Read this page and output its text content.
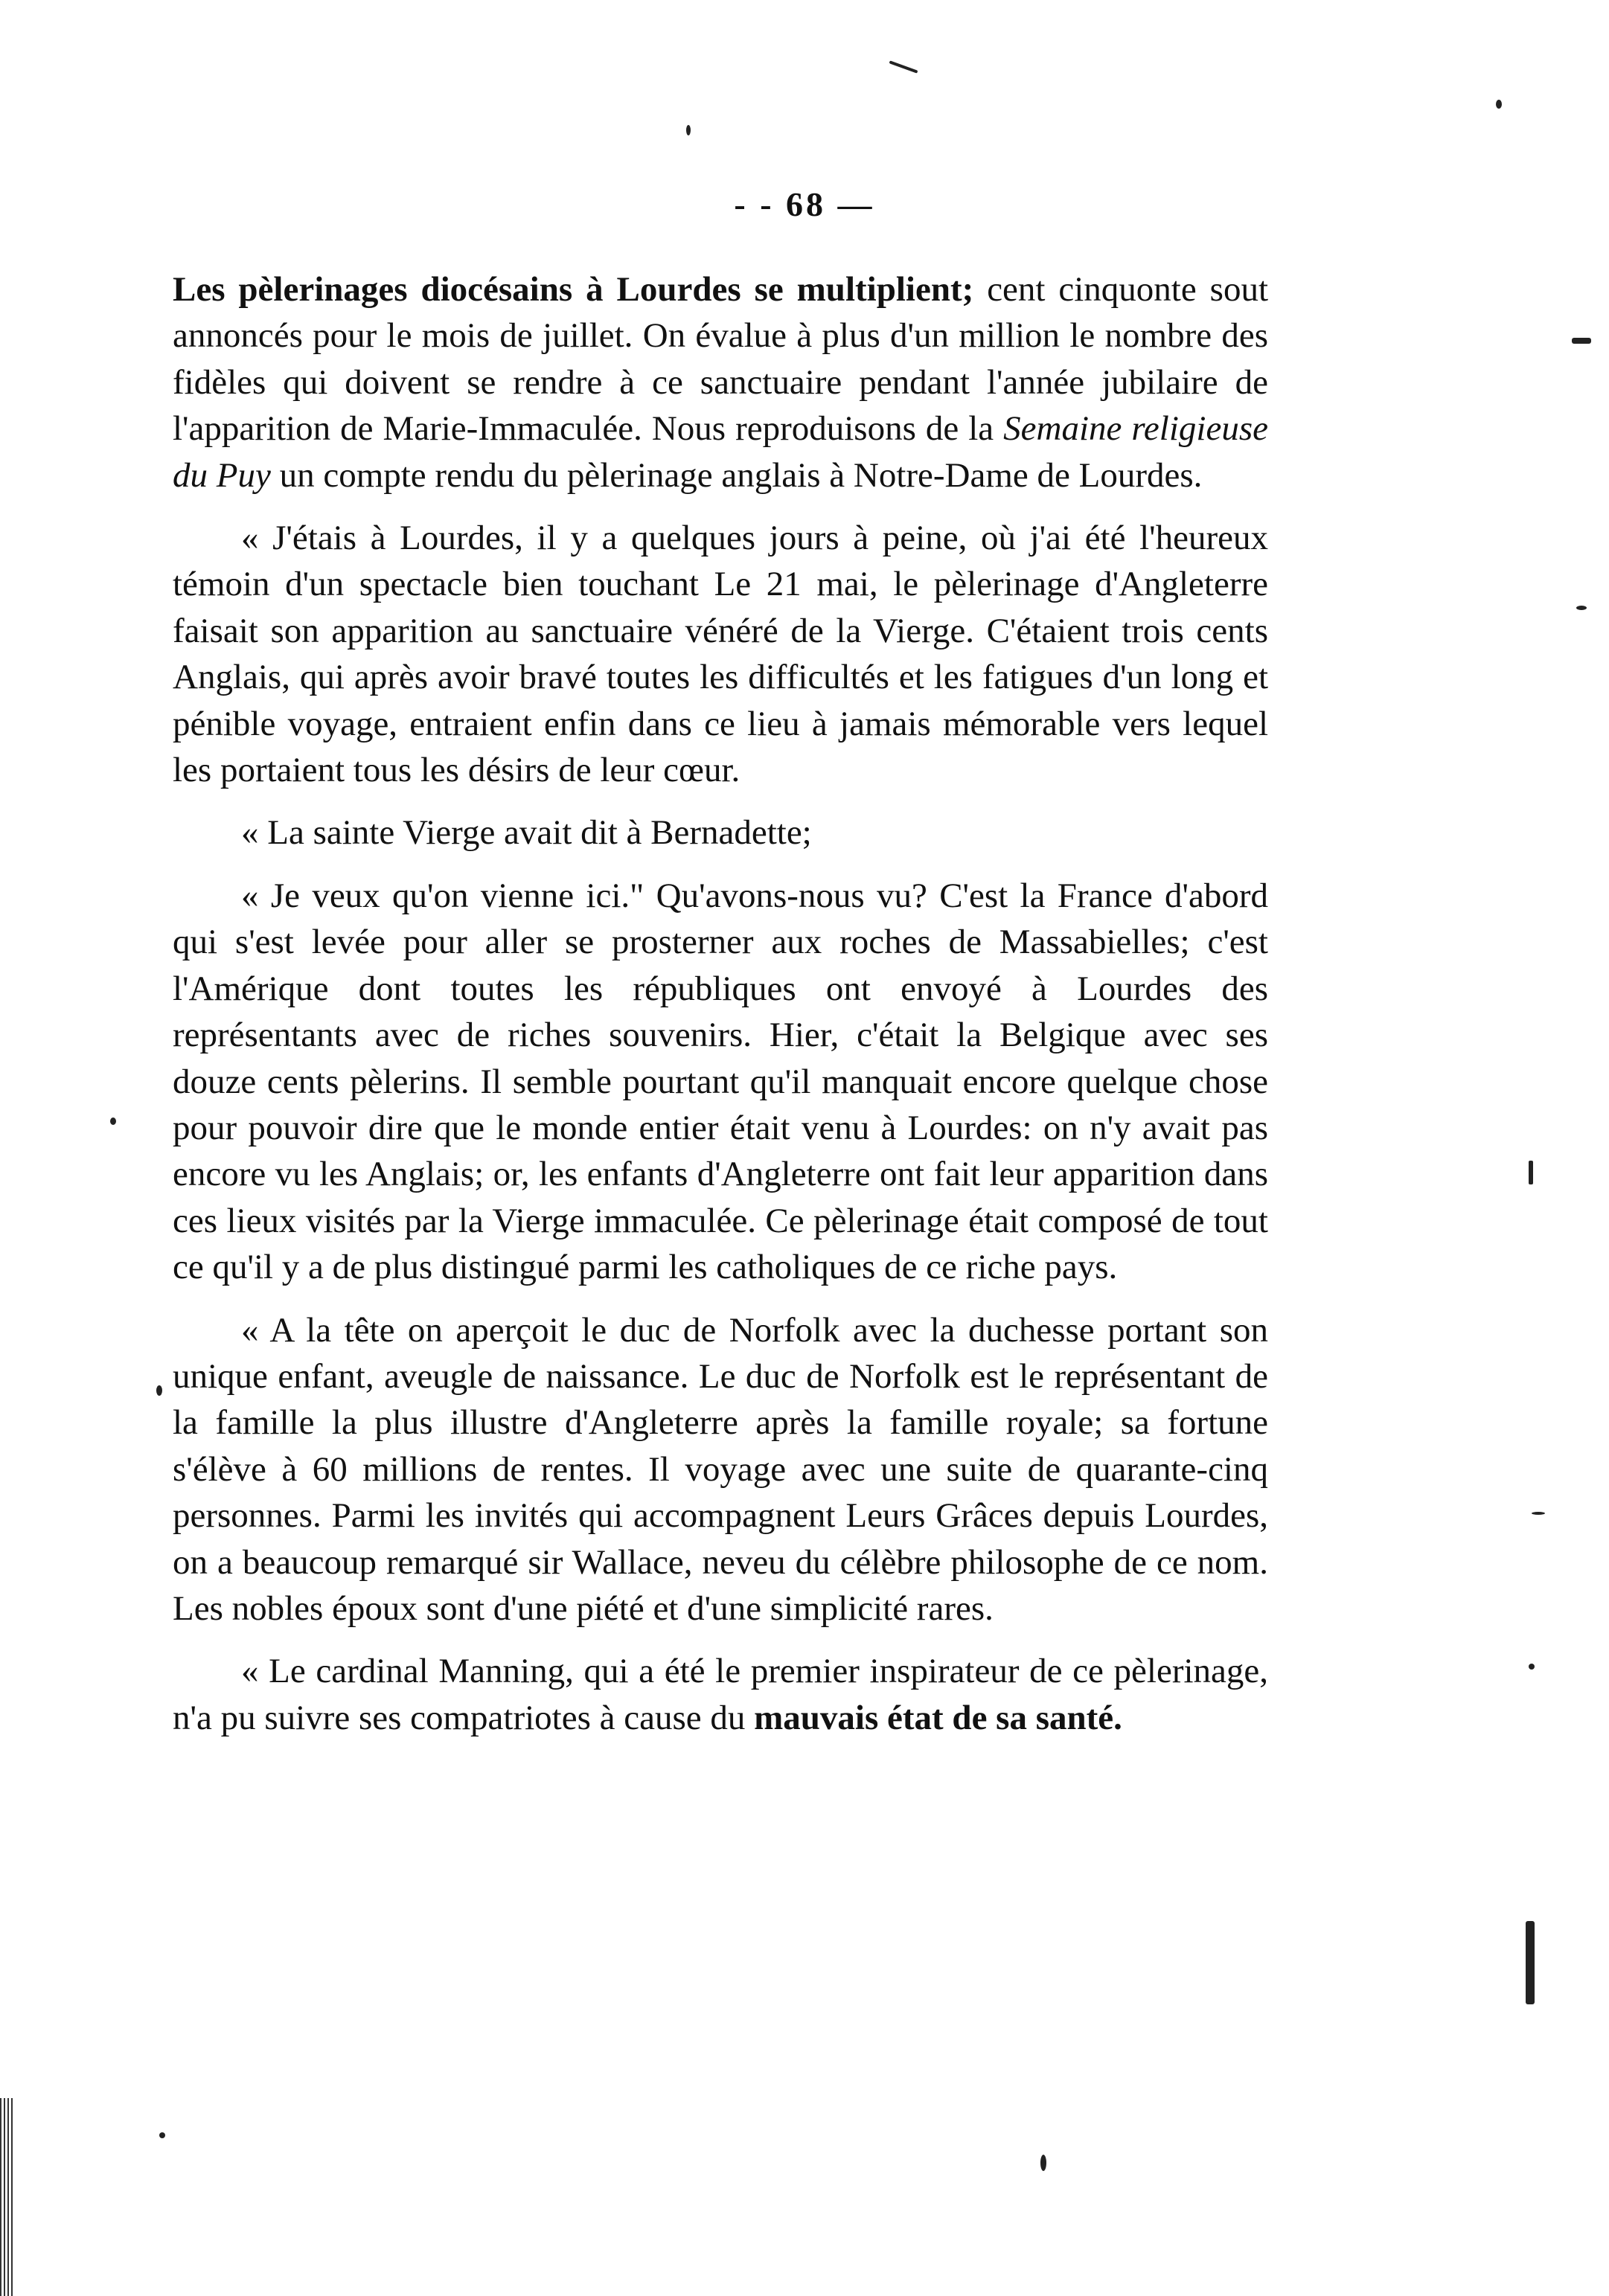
- - 68 —

Les pèlerinages diocésains à Lourdes se multiplient; cent cinquonte sout annoncés pour le mois de juillet. On évalue à plus d'un million le nombre des fidèles qui doivent se rendre à ce sanctuaire pendant l'année jubilaire de l'apparition de Marie-Immaculée. Nous reproduisons de la Semaine religieuse du Puy un compte rendu du pèlerinage anglais à Notre-Dame de Lourdes.

« J'étais à Lourdes, il y a quelques jours à peine, où j'ai été l'heureux témoin d'un spectacle bien touchant Le 21 mai, le pèlerinage d'Angleterre faisait son apparition au sanctuaire vénéré de la Vierge. C'étaient trois cents Anglais, qui après avoir bravé toutes les difficultés et les fatigues d'un long et pénible voyage, entraient enfin dans ce lieu à jamais mémorable vers lequel les portaient tous les désirs de leur cœur.

« La sainte Vierge avait dit à Bernadette;

« Je veux qu'on vienne ici." Qu'avons-nous vu? C'est la France d'abord qui s'est levée pour aller se prosterner aux roches de Massabielles; c'est l'Amérique dont toutes les républiques ont envoyé à Lourdes des représentants avec de riches souvenirs. Hier, c'était la Belgique avec ses douze cents pèlerins. Il semble pourtant qu'il manquait encore quelque chose pour pouvoir dire que le monde entier était venu à Lourdes: on n'y avait pas encore vu les Anglais; or, les enfants d'Angleterre ont fait leur apparition dans ces lieux visités par la Vierge immaculée. Ce pèlerinage était composé de tout ce qu'il y a de plus distingué parmi les catholiques de ce riche pays.

« A la tête on aperçoit le duc de Norfolk avec la duchesse portant son unique enfant, aveugle de naissance. Le duc de Norfolk est le représentant de la famille la plus illustre d'Angleterre après la famille royale; sa fortune s'élève à 60 millions de rentes. Il voyage avec une suite de quarante-cinq personnes. Parmi les invités qui accompagnent Leurs Grâces depuis Lourdes, on a beaucoup remarqué sir Wallace, neveu du célèbre philosophe de ce nom. Les nobles époux sont d'une piété et d'une simplicité rares.

« Le cardinal Manning, qui a été le premier inspirateur de ce pèlerinage, n'a pu suivre ses compatriotes à cause du mauvais état de sa santé.
